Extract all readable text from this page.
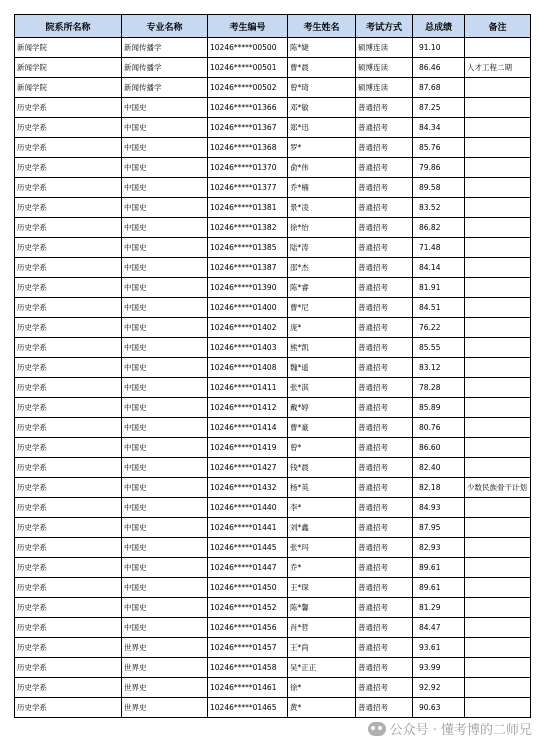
院系所名称	专业名称	考生编号	考生姓名	考试方式	总成绩	备注
新闻学院	新闻传播学	10246*****00500	陈*婕	硕博连读	91.10	
新闻学院	新闻传播学	10246*****00501	曹*晨	硕博连读	86.46	人才工程二期
新闻学院	新闻传播学	10246*****00502	曾*琦	硕博连读	87.68	
历史学系	中国史	10246*****01366	邓*敏	普通招考	87.25	
历史学系	中国史	10246*****01367	郑*迅	普通招考	84.34	
历史学系	中国史	10246*****01368	罗*	普通招考	85.76	
历史学系	中国史	10246*****01370	俞*伟	普通招考	79.86	
历史学系	中国史	10246*****01377	乔*楠	普通招考	89.58	
历史学系	中国史	10246*****01381	景*凌	普通招考	83.52	
历史学系	中国史	10246*****01382	徐*怡	普通招考	86.82	
历史学系	中国史	10246*****01385	陆*涛	普通招考	71.48	
历史学系	中国史	10246*****01387	邵*杰	普通招考	84.14	
历史学系	中国史	10246*****01390	陈*睿	普通招考	81.91	
历史学系	中国史	10246*****01400	曹*尼	普通招考	84.51	
历史学系	中国史	10246*****01402	庞*	普通招考	76.22	
历史学系	中国史	10246*****01403	熊*凯	普通招考	85.55	
历史学系	中国史	10246*****01408	魏*遥	普通招考	83.12	
历史学系	中国史	10246*****01411	张*淇	普通招考	78.28	
历史学系	中国史	10246*****01412	戴*婷	普通招考	85.89	
历史学系	中国史	10246*****01414	曹*豪	普通招考	80.76	
历史学系	中国史	10246*****01419	曾*	普通招考	86.60	
历史学系	中国史	10246*****01427	钱*晨	普通招考	82.40	
历史学系	中国史	10246*****01432	杨*英	普通招考	82.18	少数民族骨干计划
历史学系	中国史	10246*****01440	李*	普通招考	84.93	
历史学系	中国史	10246*****01441	刘*鑫	普通招考	87.95	
历史学系	中国史	10246*****01445	张*玛	普通招考	82.93	
历史学系	中国史	10246*****01447	乔*	普通招考	89.61	
历史学系	中国史	10246*****01450	王*琛	普通招考	89.61	
历史学系	中国史	10246*****01452	陈*馨	普通招考	81.29	
历史学系	中国史	10246*****01456	肖*哲	普通招考	84.47	
历史学系	世界史	10246*****01457	王*尚	普通招考	93.61	
历史学系	世界史	10246*****01458	吴*正正	普通招考	93.99	
历史学系	世界史	10246*****01461	徐*	普通招考	92.92	
历史学系	世界史	10246*****01465	黄*	普通招考	90.63	
公众号 · 懂考博的二师兄
